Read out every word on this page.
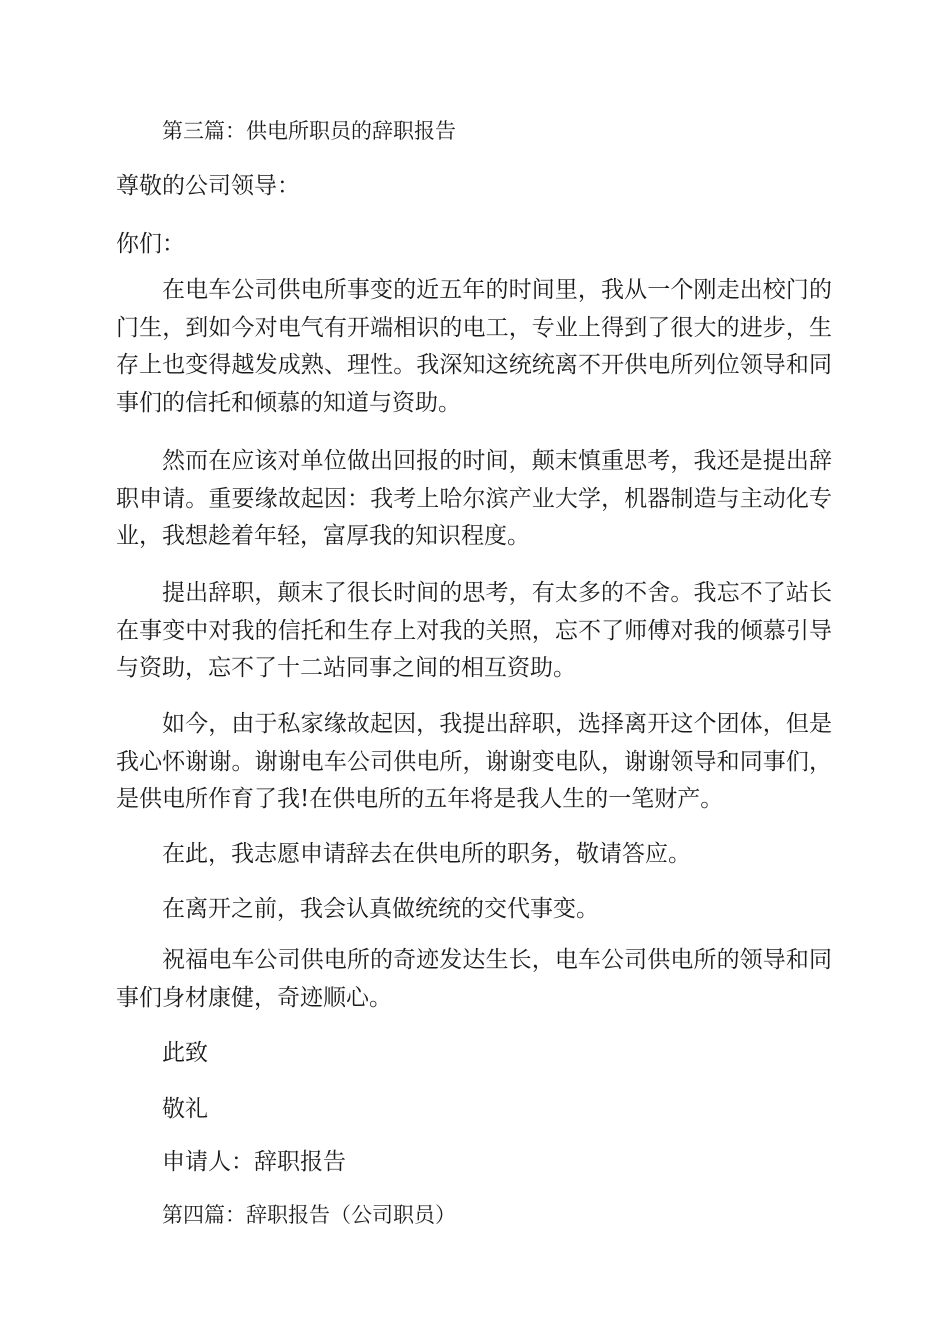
第三篇：供电所职员的辞职报告
尊敬的公司领导：
你们：
在电车公司供电所事变的近五年的时间里，我从一个刚走出校门的门生，到如今对电气有开端相识的电工，专业上得到了很大的进步，生存上也变得越发成熟、理性。我深知这统统离不开供电所列位领导和同事们的信托和倾慕的知道与资助。
然而在应该对单位做出回报的时间，颠末慎重思考，我还是提出辞职申请。重要缘故起因：我考上哈尔滨产业大学，机器制造与主动化专业，我想趁着年轻，富厚我的知识程度。
提出辞职，颠末了很长时间的思考，有太多的不舍。我忘不了站长在事变中对我的信托和生存上对我的关照，忘不了师傅对我的倾慕引导与资助，忘不了十二站同事之间的相互资助。
如今，由于私家缘故起因，我提出辞职，选择离开这个团体，但是我心怀谢谢。谢谢电车公司供电所，谢谢变电队，谢谢领导和同事们，是供电所作育了我!在供电所的五年将是我人生的一笔财产。
在此，我志愿申请辞去在供电所的职务，敬请答应。
在离开之前，我会认真做统统的交代事变。
祝福电车公司供电所的奇迹发达生长，电车公司供电所的领导和同事们身材康健，奇迹顺心。
此致
敬礼
申请人：辞职报告
第四篇：辞职报告（公司职员）
